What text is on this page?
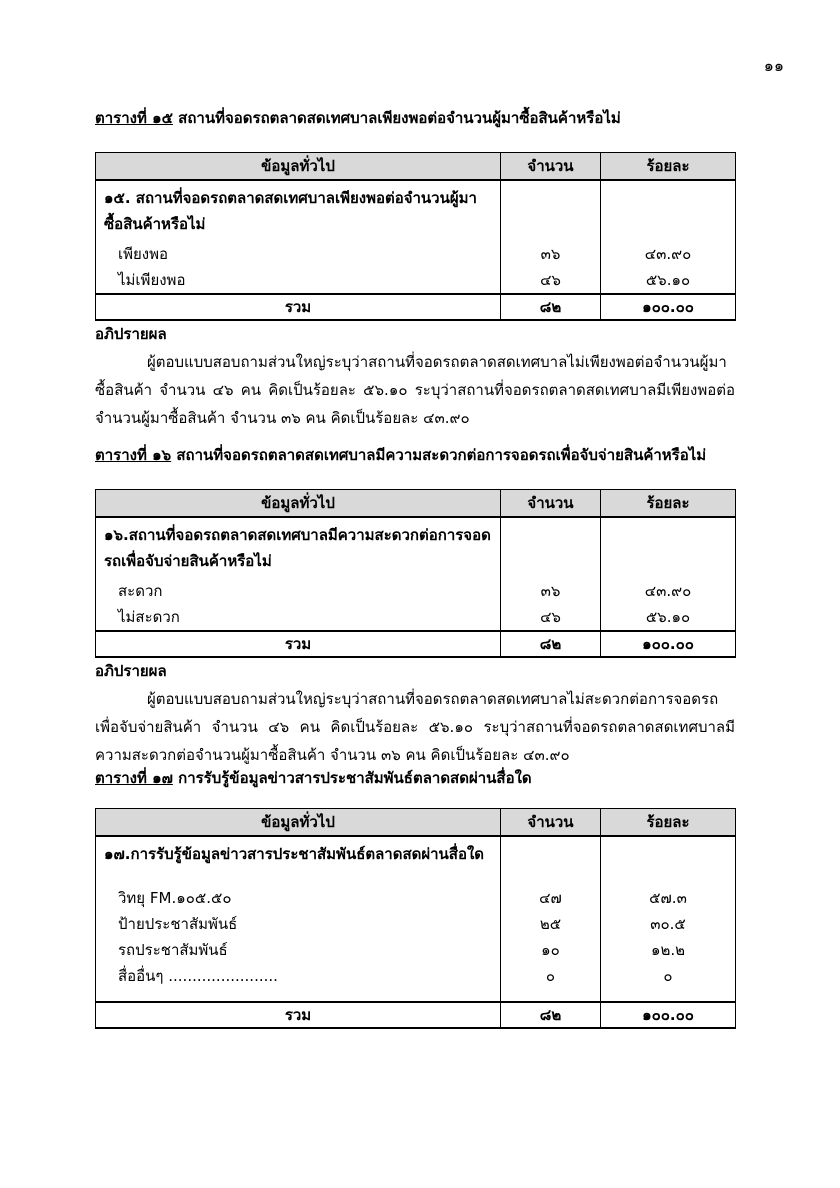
๑๑

ตารางที่ ๑๕ สถานที่จอดรถตลาดสดเทศบาลเพียงพอต่อจำนวนผู้มาซื้อสินค้าหรือไม่

ข้อมูลทั่วไป	จำนวน	ร้อยละ
๑๕. สถานที่จอดรถตลาดสดเทศบาลเพียงพอต่อจำนวนผู้มาซื้อสินค้าหรือไม่		
เพียงพอ	๓๖	๔๓.๙๐
ไม่เพียงพอ	๔๖	๕๖.๑๐
รวม	๘๒	๑๐๐.๐๐

อภิปรายผล

ผู้ตอบแบบสอบถามส่วนใหญ่ระบุว่าสถานที่จอดรถตลาดสดเทศบาลไม่เพียงพอต่อจำนวนผู้มาซื้อสินค้า จำนวน ๔๖ คน คิดเป็นร้อยละ ๕๖.๑๐ ระบุว่าสถานที่จอดรถตลาดสดเทศบาลมีเพียงพอต่อจำนวนผู้มาซื้อสินค้า จำนวน ๓๖ คน คิดเป็นร้อยละ ๔๓.๙๐

ตารางที่ ๑๖ สถานที่จอดรถตลาดสดเทศบาลมีความสะดวกต่อการจอดรถเพื่อจับจ่ายสินค้าหรือไม่

ข้อมูลทั่วไป	จำนวน	ร้อยละ
๑๖.สถานที่จอดรถตลาดสดเทศบาลมีความสะดวกต่อการจอดรถเพื่อจับจ่ายสินค้าหรือไม่		
สะดวก	๓๖	๔๓.๙๐
ไม่สะดวก	๔๖	๕๖.๑๐
รวม	๘๒	๑๐๐.๐๐

อภิปรายผล

ผู้ตอบแบบสอบถามส่วนใหญ่ระบุว่าสถานที่จอดรถตลาดสดเทศบาลไม่สะดวกต่อการจอดรถเพื่อจับจ่ายสินค้า จำนวน ๔๖ คน คิดเป็นร้อยละ ๕๖.๑๐ ระบุว่าสถานที่จอดรถตลาดสดเทศบาลมีความสะดวกต่อจำนวนผู้มาซื้อสินค้า จำนวน ๓๖ คน คิดเป็นร้อยละ ๔๓.๙๐

ตารางที่ ๑๗ การรับรู้ข้อมูลข่าวสารประชาสัมพันธ์ตลาดสดผ่านสื่อใด

ข้อมูลทั่วไป	จำนวน	ร้อยละ
๑๗.การรับรู้ข้อมูลข่าวสารประชาสัมพันธ์ตลาดสดผ่านสื่อใด		
วิทยุ FM.๑๐๕.๕๐	๔๗	๕๗.๓
ป้ายประชาสัมพันธ์	๒๕	๓๐.๕
รถประชาสัมพันธ์	๑๐	๑๒.๒
สื่ออื่นๆ .......................	๐	๐

รวม	๘๒	๑๐๐.๐๐
